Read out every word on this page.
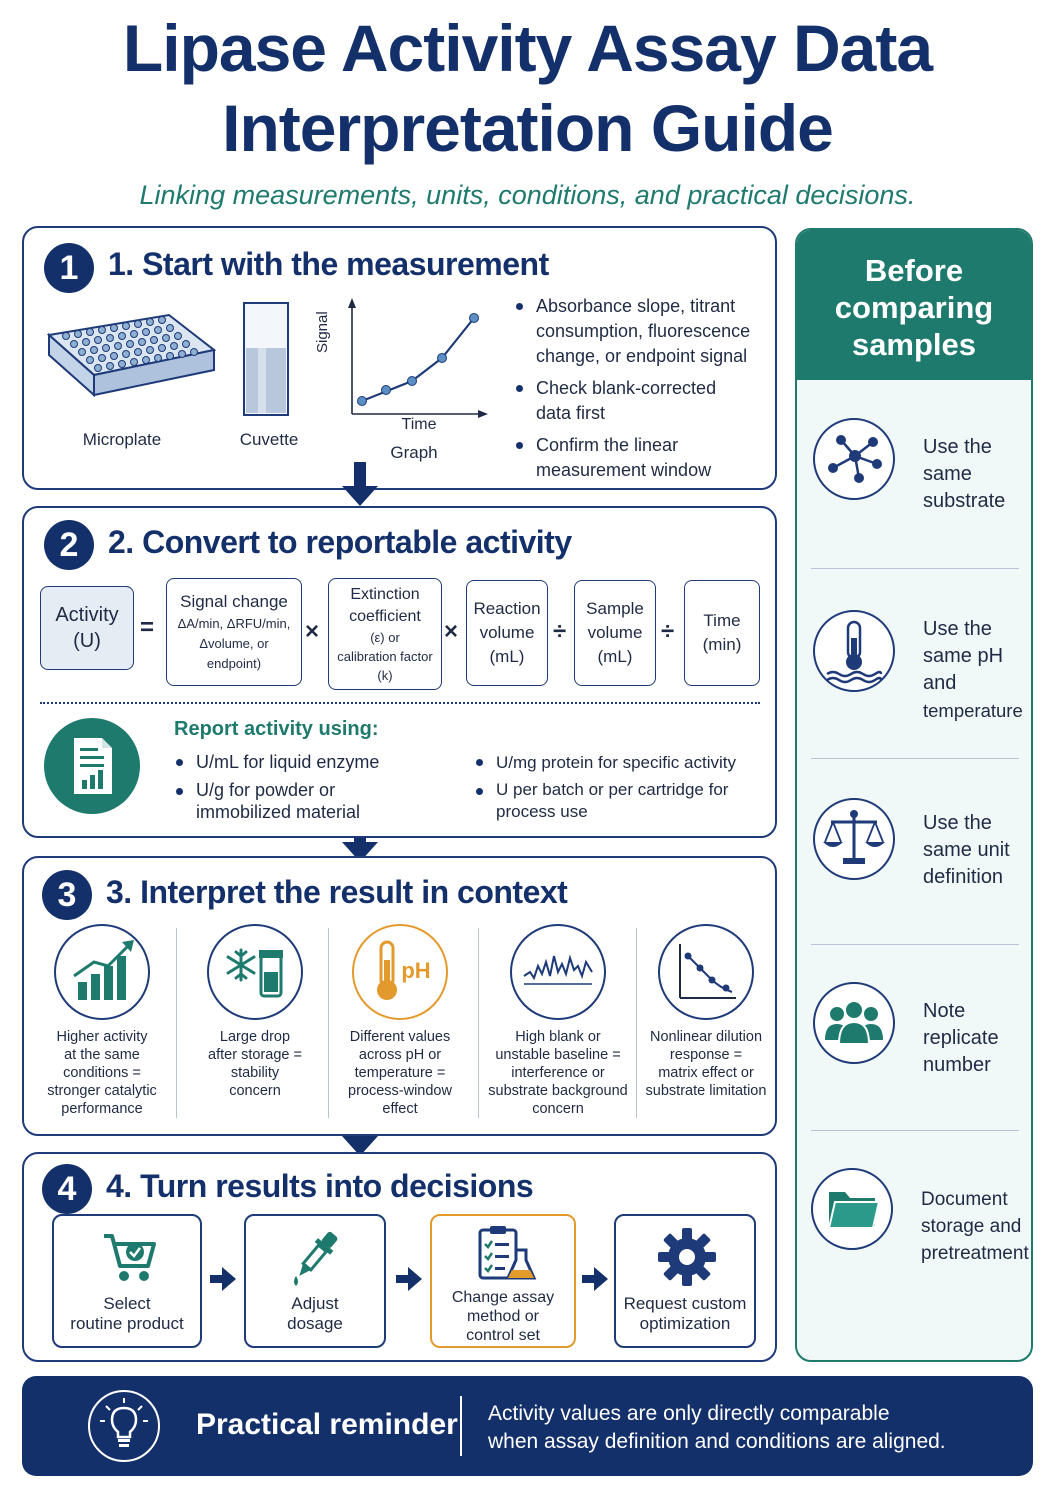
Lipase Activity Assay Data
Interpretation Guide
Linking measurements, units, conditions, and practical decisions.
1 1. Start with the measurement
Microplate	Cuvette
Signal
Time
Graph
Absorbance slope, titrant
consumption, fluorescence
change, or endpoint signal
Check blank-corrected
data first
Confirm the linear
measurement window
2 2. Convert to reportable activity
Activity
(U) =
Signal change
ΔA/min, ΔRFU/min,
Δvolume, or
endpoint)
×
Extinction
coefficient
(ε) or
calibration factor
(k)
×
Reaction
volume
(mL)
÷
Sample
volume
(mL)
÷ Time
(min)
Report activity using:
U/mL for liquid enzyme
U/g for powder or
immobilized material
U/mg protein for specific activity
U per batch or per cartridge for
process use
3 3. Interpret the result in context
Higher activity
at the same
conditions =
stronger catalytic
performance
Large drop
after storage =
stability
concern
pH
Different values
across pH or
temperature =
process-window
effect
High blank or
unstable baseline =
interference or
substrate background
concern
Nonlinear dilution
response =
matrix effect or
substrate limitation
4 4. Turn results into decisions
Select
routine product
Adjust
dosage
Change assay
method or
control set
Request custom
optimization
Before
comparing
samples
Use the
same
substrate
Use the
same pH
and
temperature
Use the
same unit
definition
Note
replicate
number
Document
storage and
pretreatment
Practical reminder Activity values are only directly comparable
when assay definition and conditions are aligned.
